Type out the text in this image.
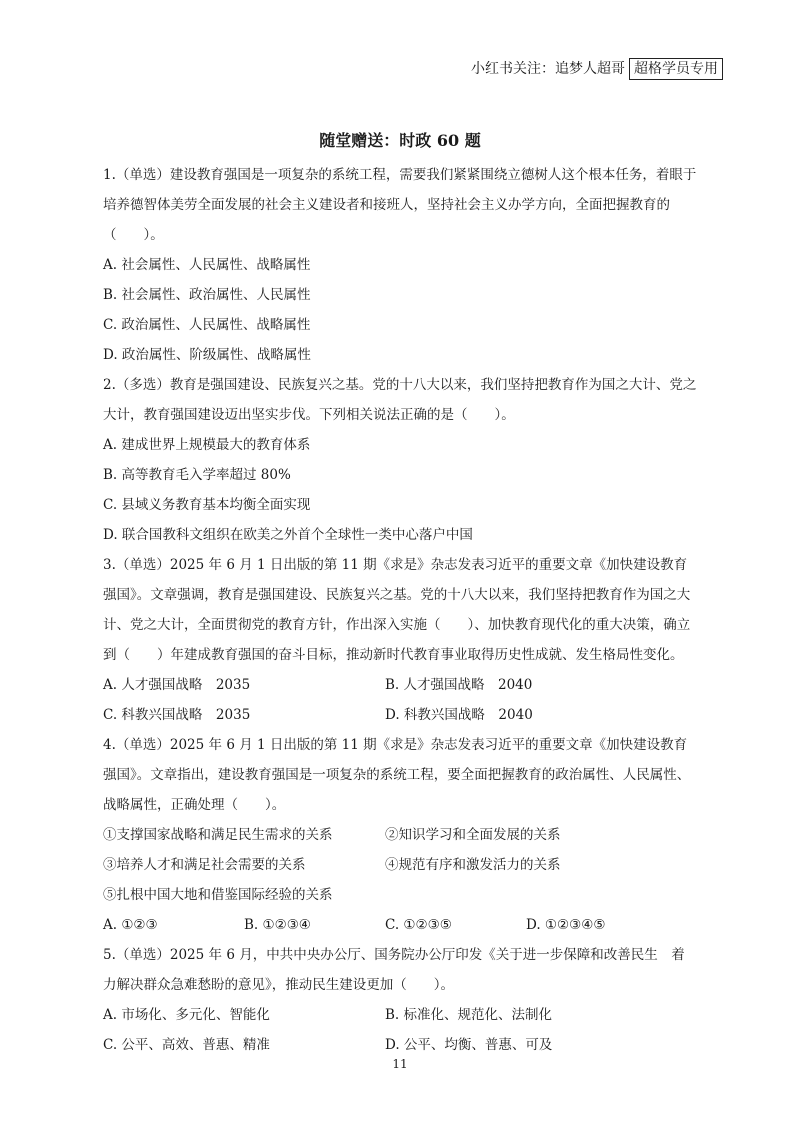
小红书关注：追梦人超哥 超格学员专用
随堂赠送：时政 60 题
1.（单选）建设教育强国是一项复杂的系统工程，需要我们紧紧围绕立德树人这个根本任务，着眼于培养德智体美劳全面发展的社会主义建设者和接班人，坚持社会主义办学方向，全面把握教育的（　　）。
A. 社会属性、人民属性、战略属性
B. 社会属性、政治属性、人民属性
C. 政治属性、人民属性、战略属性
D. 政治属性、阶级属性、战略属性
2.（多选）教育是强国建设、民族复兴之基。党的十八大以来，我们坚持把教育作为国之大计、党之大计，教育强国建设迈出坚实步伐。下列相关说法正确的是（　　）。
A. 建成世界上规模最大的教育体系
B. 高等教育毛入学率超过 80%
C. 县域义务教育基本均衡全面实现
D. 联合国教科文组织在欧美之外首个全球性一类中心落户中国
3.（单选）2025 年 6 月 1 日出版的第 11 期《求是》杂志发表习近平的重要文章《加快建设教育强国》。文章强调，教育是强国建设、民族复兴之基。党的十八大以来，我们坚持把教育作为国之大计、党之大计，全面贯彻党的教育方针，作出深入实施（　　）、加快教育现代化的重大决策，确立到（　　）年建成教育强国的奋斗目标，推动新时代教育事业取得历史性成就、发生格局性变化。
A. 人才强国战略　2035	B. 人才强国战略　2040
C. 科教兴国战略　2035	D. 科教兴国战略　2040
4.（单选）2025 年 6 月 1 日出版的第 11 期《求是》杂志发表习近平的重要文章《加快建设教育强国》。文章指出，建设教育强国是一项复杂的系统工程，要全面把握教育的政治属性、人民属性、战略属性，正确处理（　　）。
①支撑国家战略和满足民生需求的关系	②知识学习和全面发展的关系
③培养人才和满足社会需要的关系	④规范有序和激发活力的关系
⑤扎根中国大地和借鉴国际经验的关系
A. ①②③	B. ①②③④	C. ①②③⑤	D. ①②③④⑤
5.（单选）2025 年 6 月，中共中央办公厅、国务院办公厅印发《关于进一步保障和改善民生　着力解决群众急难愁盼的意见》，推动民生建设更加（　　）。
A. 市场化、多元化、智能化	B. 标准化、规范化、法制化
C. 公平、高效、普惠、精准	D. 公平、均衡、普惠、可及
11
